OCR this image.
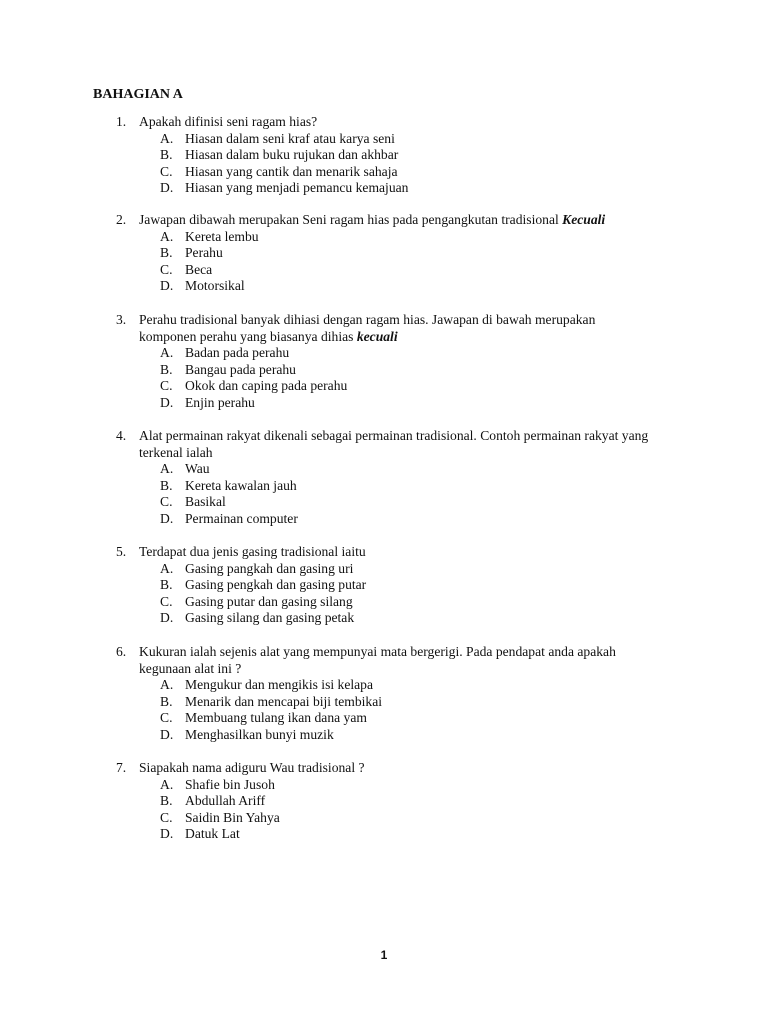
BAHAGIAN A
1. Apakah difinisi seni ragam hias?
A. Hiasan dalam seni kraf atau karya seni
B. Hiasan dalam buku rujukan dan akhbar
C. Hiasan yang cantik dan menarik sahaja
D. Hiasan yang menjadi pemancu kemajuan
2. Jawapan dibawah merupakan Seni ragam hias pada pengangkutan tradisional Kecuali
A. Kereta lembu
B. Perahu
C. Beca
D. Motorsikal
3. Perahu tradisional banyak dihiasi dengan ragam hias. Jawapan di bawah merupakan
komponen perahu yang biasanya dihias kecuali
A. Badan pada perahu
B. Bangau pada perahu
C. Okok dan caping pada perahu
D. Enjin perahu
4. Alat permainan rakyat dikenali sebagai permainan tradisional. Contoh permainan rakyat yang
terkenal ialah
A. Wau
B. Kereta kawalan jauh
C. Basikal
D. Permainan computer
5. Terdapat dua jenis gasing tradisional iaitu
A. Gasing pangkah dan gasing uri
B. Gasing pengkah dan gasing putar
C. Gasing putar dan gasing silang
D. Gasing silang dan gasing petak
6. Kukuran ialah sejenis alat yang mempunyai mata bergerigi. Pada pendapat anda apakah
kegunaan alat ini ?
A. Mengukur dan mengikis isi kelapa
B. Menarik dan mencapai biji tembikai
C. Membuang tulang ikan dana yam
D. Menghasilkan bunyi muzik
7. Siapakah nama adiguru Wau tradisional ?
A. Shafie bin Jusoh
B. Abdullah Ariff
C. Saidin Bin Yahya
D. Datuk Lat
1
